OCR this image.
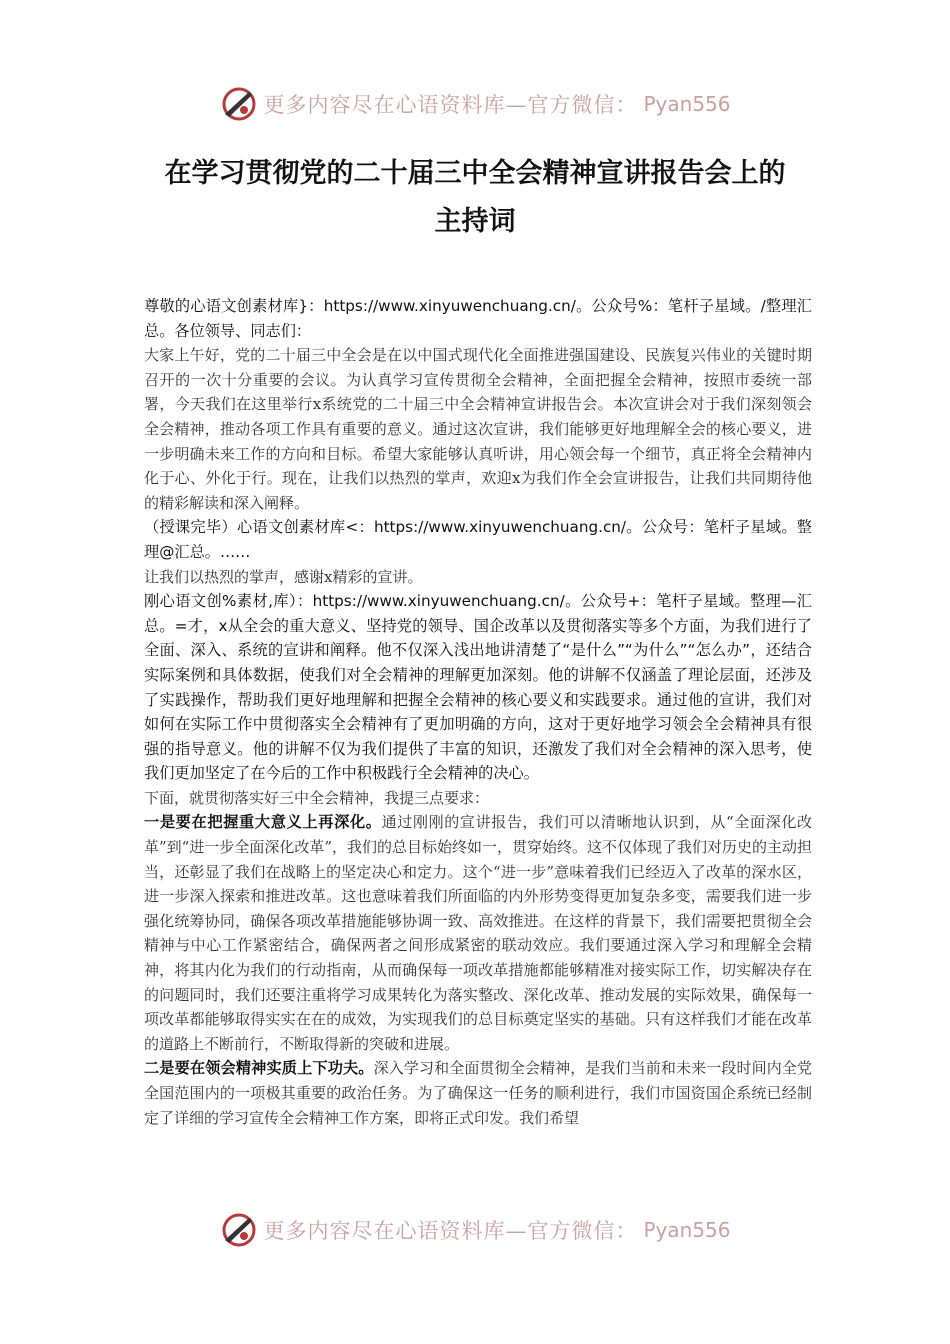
更多内容尽在心语资料库—官方微信： Pyan556
在学习贯彻党的二十届三中全会精神宣讲报告会上的
主持词

尊敬的心语文创素材库}：https://www.xinyuwenchuang.cn/。公众号%：笔杆子星域。/整理汇总。各位领导、同志们：

大家上午好，党的二十届三中全会是在以中国式现代化全面推进强国建设、民族复兴伟业的关键时期召开的一次十分重要的会议。为认真学习宣传贯彻全会精神，全面把握全会精神，按照市委统一部署，今天我们在这里举行x系统党的二十届三中全会精神宣讲报告会。本次宣讲会对于我们深刻领会全会精神，推动各项工作具有重要的意义。通过这次宣讲，我们能够更好地理解全会的核心要义，进一步明确未来工作的方向和目标。希望大家能够认真听讲，用心领会每一个细节，真正将全会精神内化于心、外化于行。现在，让我们以热烈的掌声，欢迎x为我们作全会宣讲报告，让我们共同期待他的精彩解读和深入阐释。

（授课完毕）心语文创素材库<：https://www.xinyuwenchuang.cn/。公众号：笔杆子星域。整理@汇总。……

让我们以热烈的掌声，感谢x精彩的宣讲。

刚心语文创%素材,库）：https://www.xinyuwenchuang.cn/。公众号+：笔杆子星域。整理—汇总。=才，x从全会的重大意义、坚持党的领导、国企改革以及贯彻落实等多个方面，为我们进行了全面、深入、系统的宣讲和阐释。他不仅深入浅出地讲清楚了“是什么”“为什么”“怎么办”，还结合实际案例和具体数据，使我们对全会精神的理解更加深刻。他的讲解不仅涵盖了理论层面，还涉及了实践操作，帮助我们更好地理解和把握全会精神的核心要义和实践要求。通过他的宣讲，我们对如何在实际工作中贯彻落实全会精神有了更加明确的方向，这对于更好地学习领会全会精神具有很强的指导意义。他的讲解不仅为我们提供了丰富的知识，还激发了我们对全会精神的深入思考，使我们更加坚定了在今后的工作中积极践行全会精神的决心。

下面，就贯彻落实好三中全会精神，我提三点要求：

一是要在把握重大意义上再深化。通过刚刚的宣讲报告，我们可以清晰地认识到，从“全面深化改革”到“进一步全面深化改革”，我们的总目标始终如一，贯穿始终。这不仅体现了我们对历史的主动担当，还彰显了我们在战略上的坚定决心和定力。这个“进一步”意味着我们已经迈入了改革的深水区，进一步深入探索和推进改革。这也意味着我们所面临的内外形势变得更加复杂多变，需要我们进一步强化统筹协同，确保各项改革措施能够协调一致、高效推进。在这样的背景下，我们需要把贯彻全会精神与中心工作紧密结合，确保两者之间形成紧密的联动效应。我们要通过深入学习和理解全会精神，将其内化为我们的行动指南，从而确保每一项改革措施都能够精准对接实际工作，切实解决存在的问题同时，我们还要注重将学习成果转化为落实整改、深化改革、推动发展的实际效果，确保每一项改革都能够取得实实在在的成效，为实现我们的总目标奠定坚实的基础。只有这样我们才能在改革的道路上不断前行，不断取得新的突破和进展。

二是要在领会精神实质上下功夫。深入学习和全面贯彻全会精神，是我们当前和未来一段时间内全党全国范围内的一项极其重要的政治任务。为了确保这一任务的顺利进行，我们市国资国企系统已经制定了详细的学习宣传全会精神工作方案，即将正式印发。我们希望

更多内容尽在心语资料库—官方微信： Pyan556
